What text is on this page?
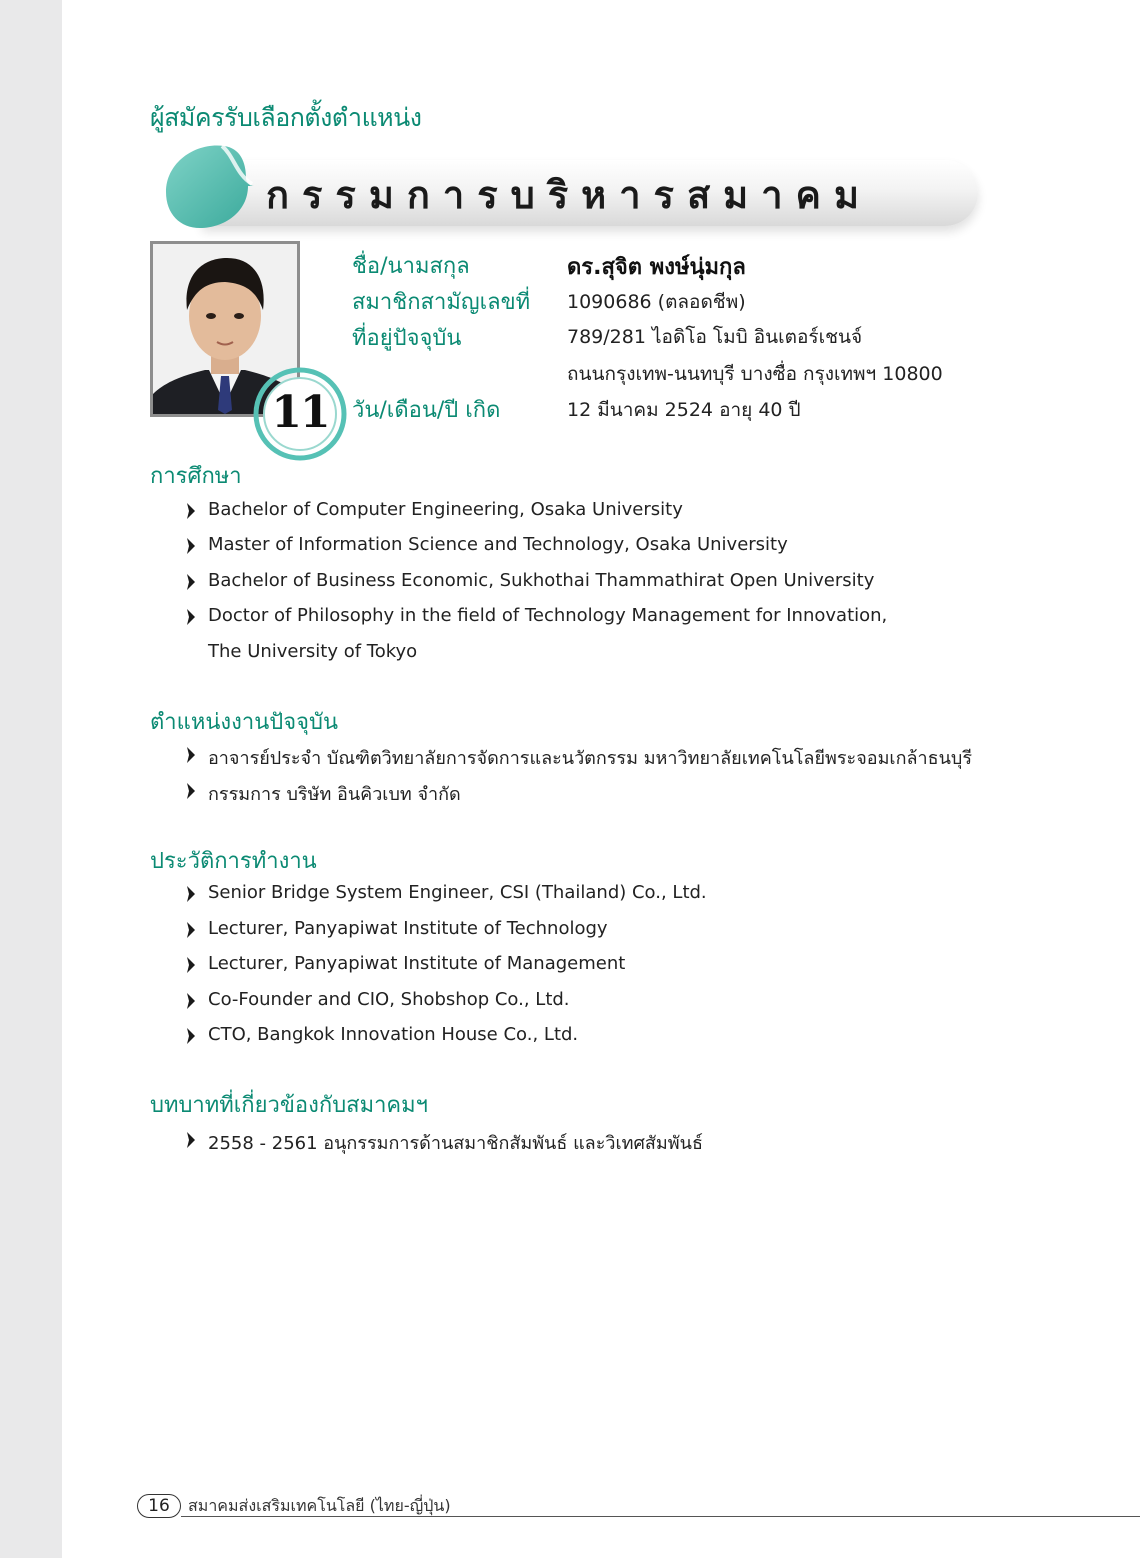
ผู้สมัครรับเลือกตั้งตำแหน่ง
กรรมการบริหารสมาคม
11
ชื่อ/นามสกุล	ดร.สุจิต พงษ์นุ่มกุล
สมาชิกสามัญเลขที่ 1090686 (ตลอดชีพ)
ที่อยู่ปัจจุบัน	789/281 ไอดิโอ โมบิ อินเตอร์เชนจ์
ถนนกรุงเทพ-นนทบุรี บางซื่อ กรุงเทพฯ 10800
วัน/เดือน/ปี เกิด	12 มีนาคม 2524 อายุ 40 ปี
การศึกษา
Bachelor of Computer Engineering, Osaka University
Master of Information Science and Technology, Osaka University
Bachelor of Business Economic, Sukhothai Thammathirat Open University
Doctor of Philosophy in the field of Technology Management for Innovation,
The University of Tokyo
ตำแหน่งงานปัจจุบัน
อาจารย์ประจำ บัณฑิตวิทยาลัยการจัดการและนวัตกรรม มหาวิทยาลัยเทคโนโลยีพระจอมเกล้าธนบุรี
กรรมการ บริษัท อินคิวเบท จำกัด
ประวัติการทำงาน
Senior Bridge System Engineer, CSI (Thailand) Co., Ltd.
Lecturer, Panyapiwat Institute of Technology
Lecturer, Panyapiwat Institute of Management
Co-Founder and CIO, Shobshop Co., Ltd.
CTO, Bangkok Innovation House Co., Ltd.
บทบาทที่เกี่ยวข้องกับสมาคมฯ
2558 - 2561 อนุกรรมการด้านสมาชิกสัมพันธ์ และวิเทศสัมพันธ์
16	สมาคมส่งเสริมเทคโนโลยี (ไทย-ญี่ปุ่น)
